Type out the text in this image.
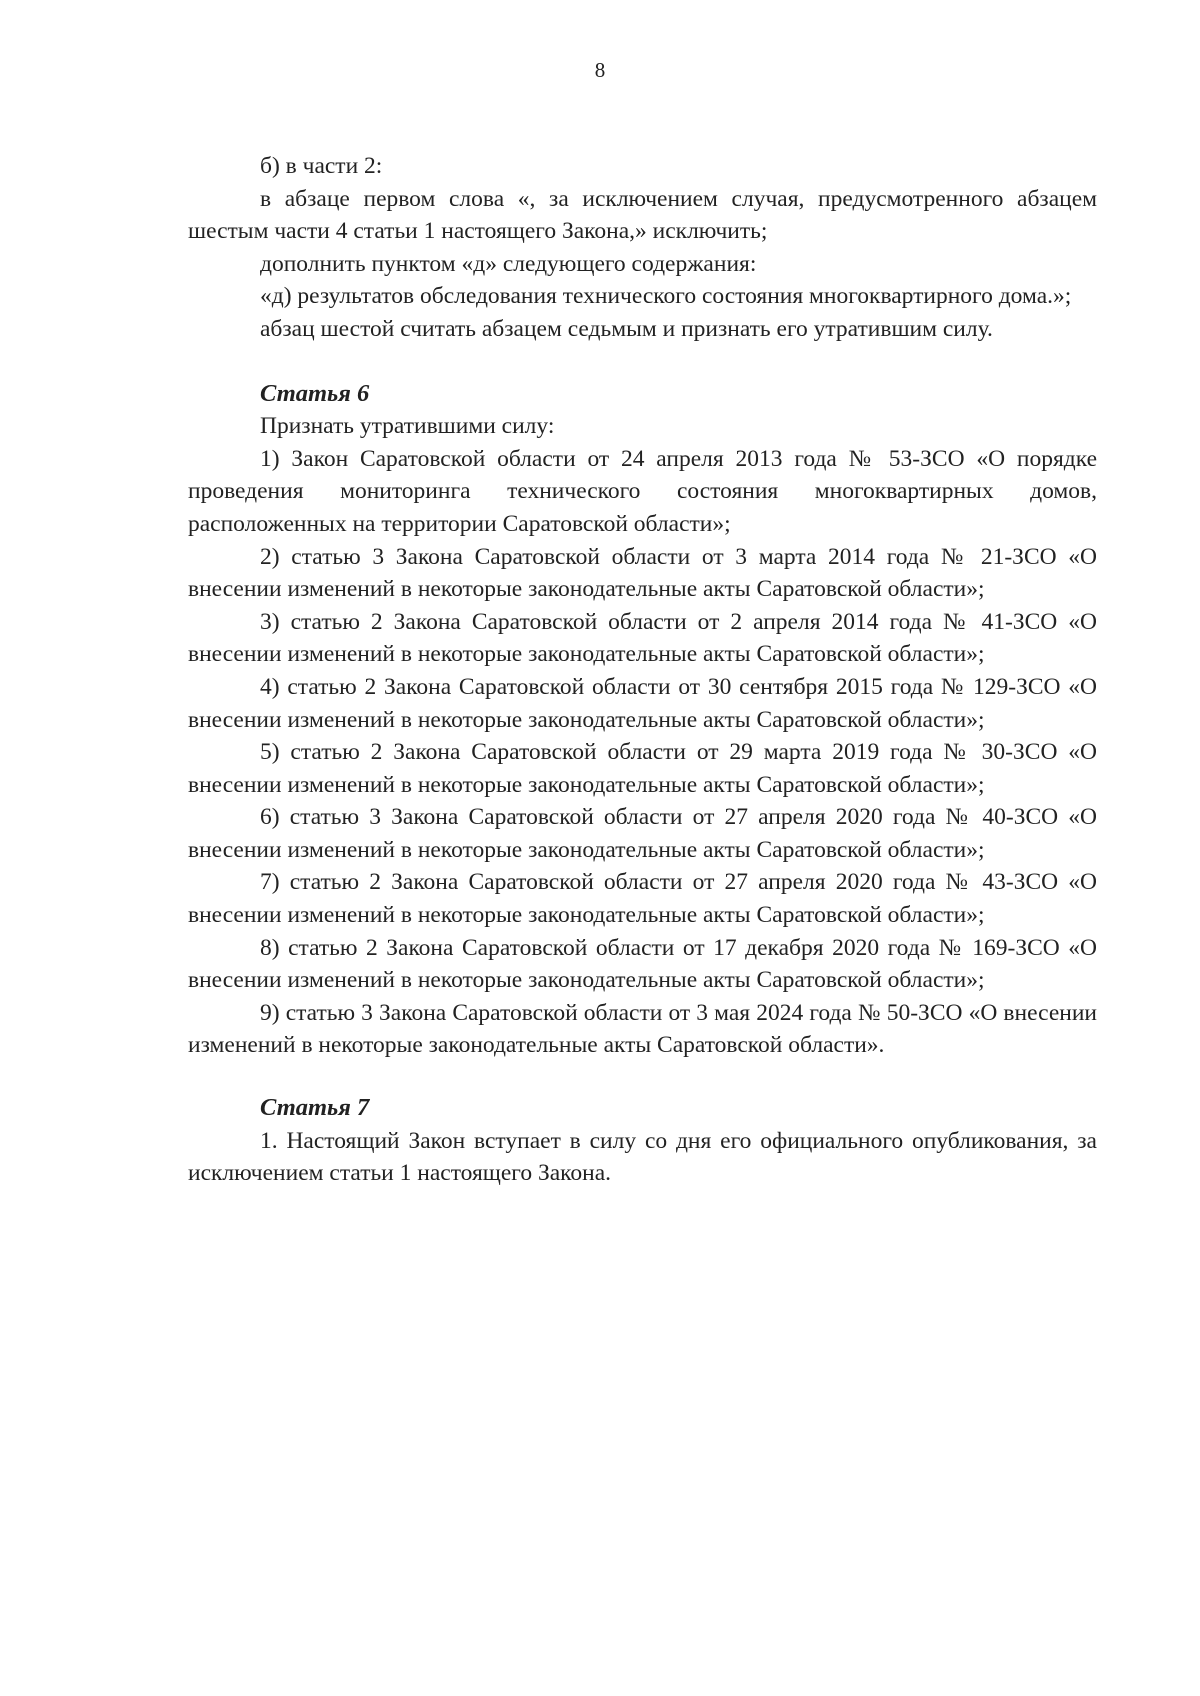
8

б) в части 2:

в абзаце первом слова «, за исключением случая, предусмотренного абзацем шестым части 4 статьи 1 настоящего Закона,» исключить;

дополнить пунктом «д» следующего содержания:

«д) результатов обследования технического состояния многоквартирного дома.»;

абзац шестой считать абзацем седьмым и признать его утратившим силу.

Статья 6

Признать утратившими силу:

1) Закон Саратовской области от 24 апреля 2013 года № 53-ЗСО «О порядке проведения мониторинга технического состояния многоквартирных домов, расположенных на территории Саратовской области»;

2) статью 3 Закона Саратовской области от 3 марта 2014 года № 21-ЗСО «О внесении изменений в некоторые законодательные акты Саратовской области»;

3) статью 2 Закона Саратовской области от 2 апреля 2014 года № 41-ЗСО «О внесении изменений в некоторые законодательные акты Саратовской области»;

4) статью 2 Закона Саратовской области от 30 сентября 2015 года № 129-ЗСО «О внесении изменений в некоторые законодательные акты Саратовской области»;

5) статью 2 Закона Саратовской области от 29 марта 2019 года № 30-ЗСО «О внесении изменений в некоторые законодательные акты Саратовской области»;

6) статью 3 Закона Саратовской области от 27 апреля 2020 года № 40-ЗСО «О внесении изменений в некоторые законодательные акты Саратовской области»;

7) статью 2 Закона Саратовской области от 27 апреля 2020 года № 43-ЗСО «О внесении изменений в некоторые законодательные акты Саратовской области»;

8) статью 2 Закона Саратовской области от 17 декабря 2020 года № 169-ЗСО «О внесении изменений в некоторые законодательные акты Саратовской области»;

9) статью 3 Закона Саратовской области от 3 мая 2024 года № 50-ЗСО «О внесении изменений в некоторые законодательные акты Саратовской области».

Статья 7

1. Настоящий Закон вступает в силу со дня его официального опубликования, за исключением статьи 1 настоящего Закона.
